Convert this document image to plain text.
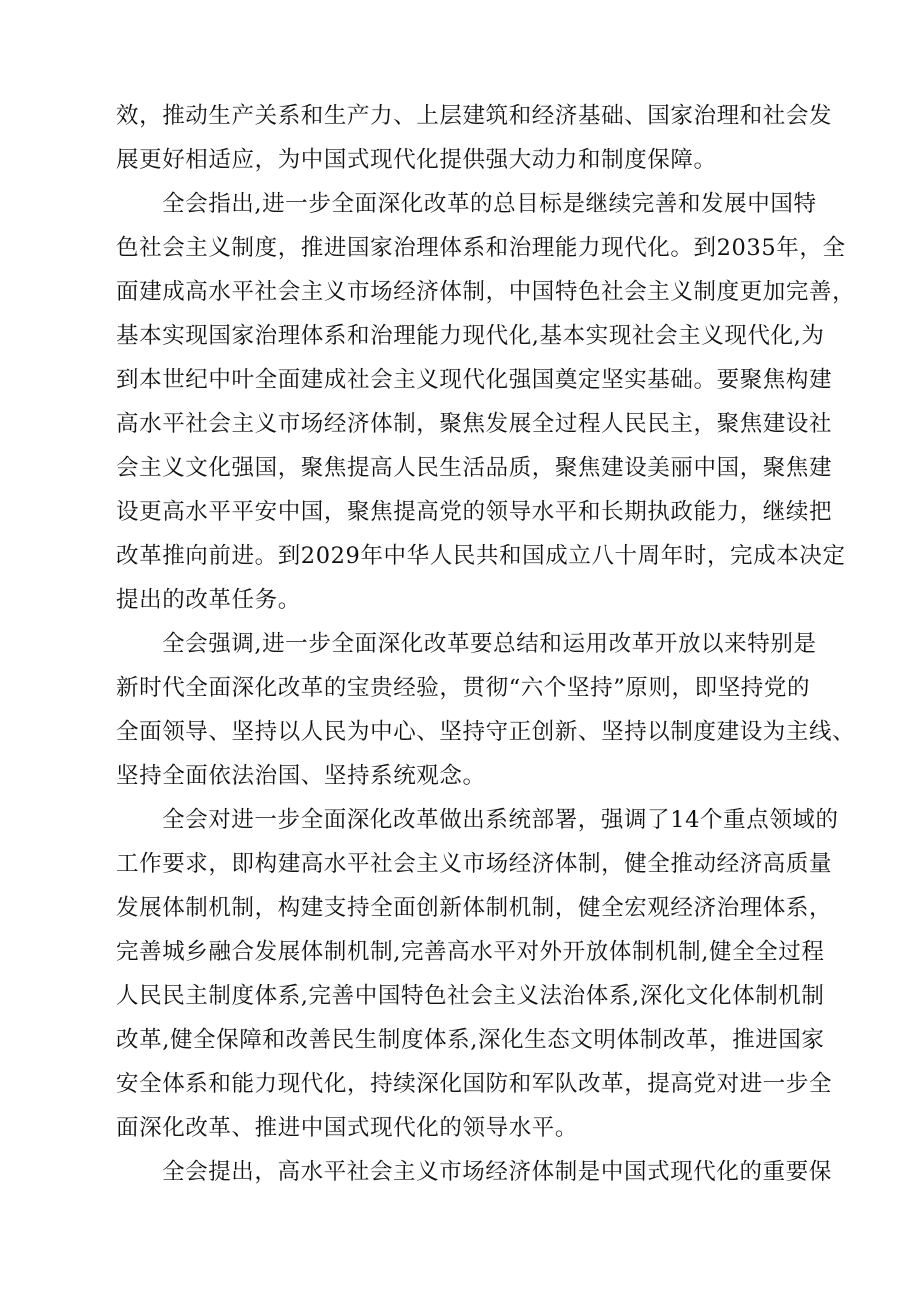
效，推动生产关系和生产力、上层建筑和经济基础、国家治理和社会发
展更好相适应，为中国式现代化提供强大动力和制度保障。
全会指出,进一步全面深化改革的总目标是继续完善和发展中国特
色社会主义制度，推进国家治理体系和治理能力现代化。到2035年，全
面建成高水平社会主义市场经济体制，中国特色社会主义制度更加完善，
基本实现国家治理体系和治理能力现代化,基本实现社会主义现代化,为
到本世纪中叶全面建成社会主义现代化强国奠定坚实基础。要聚焦构建
高水平社会主义市场经济体制，聚焦发展全过程人民民主，聚焦建设社
会主义文化强国，聚焦提高人民生活品质，聚焦建设美丽中国，聚焦建
设更高水平平安中国，聚焦提高党的领导水平和长期执政能力，继续把
改革推向前进。到2029年中华人民共和国成立八十周年时，完成本决定
提出的改革任务。
全会强调,进一步全面深化改革要总结和运用改革开放以来特别是
新时代全面深化改革的宝贵经验，贯彻“六个坚持”原则，即坚持党的
全面领导、坚持以人民为中心、坚持守正创新、坚持以制度建设为主线、
坚持全面依法治国、坚持系统观念。
全会对进一步全面深化改革做出系统部署，强调了14个重点领域的
工作要求，即构建高水平社会主义市场经济体制，健全推动经济高质量
发展体制机制，构建支持全面创新体制机制，健全宏观经济治理体系，
完善城乡融合发展体制机制,完善高水平对外开放体制机制,健全全过程
人民民主制度体系,完善中国特色社会主义法治体系,深化文化体制机制
改革,健全保障和改善民生制度体系,深化生态文明体制改革，推进国家
安全体系和能力现代化，持续深化国防和军队改革，提高党对进一步全
面深化改革、推进中国式现代化的领导水平。
全会提出，高水平社会主义市场经济体制是中国式现代化的重要保
